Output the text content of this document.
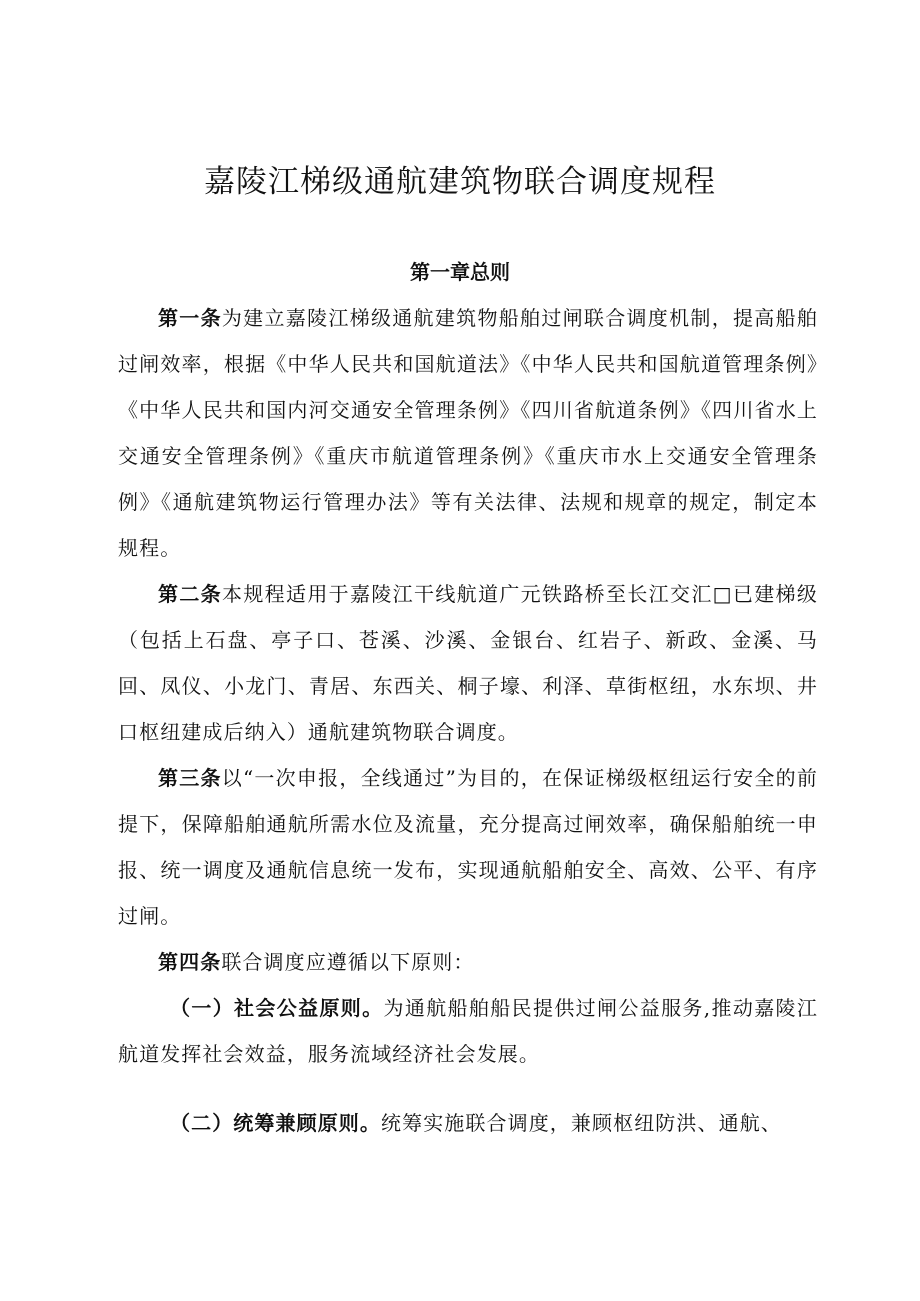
嘉陵江梯级通航建筑物联合调度规程
第一章总则

第一条为建立嘉陵江梯级通航建筑物船舶过闸联合调度机制，提高船舶过闸效率，根据《中华人民共和国航道法》《中华人民共和国航道管理条例》《中华人民共和国内河交通安全管理条例》《四川省航道条例》《四川省水上交通安全管理条例》《重庆市航道管理条例》《重庆市水上交通安全管理条例》《通航建筑物运行管理办法》等有关法律、法规和规章的规定，制定本规程。

第二条本规程适用于嘉陵江干线航道广元铁路桥至长江交汇□已建梯级（包括上石盘、亭子口、苍溪、沙溪、金银台、红岩子、新政、金溪、马回、凤仪、小龙门、青居、东西关、桐子壕、利泽、草街枢纽，水东坝、井口枢纽建成后纳入）通航建筑物联合调度。

第三条以“一次申报，全线通过”为目的，在保证梯级枢纽运行安全的前提下，保障船舶通航所需水位及流量，充分提高过闸效率，确保船舶统一申报、统一调度及通航信息统一发布，实现通航船舶安全、高效、公平、有序过闸。

第四条联合调度应遵循以下原则：

（一）社会公益原则。为通航船舶船民提供过闸公益服务,推动嘉陵江航道发挥社会效益，服务流域经济社会发展。

（二）统筹兼顾原则。统筹实施联合调度，兼顾枢纽防洪、通航、
